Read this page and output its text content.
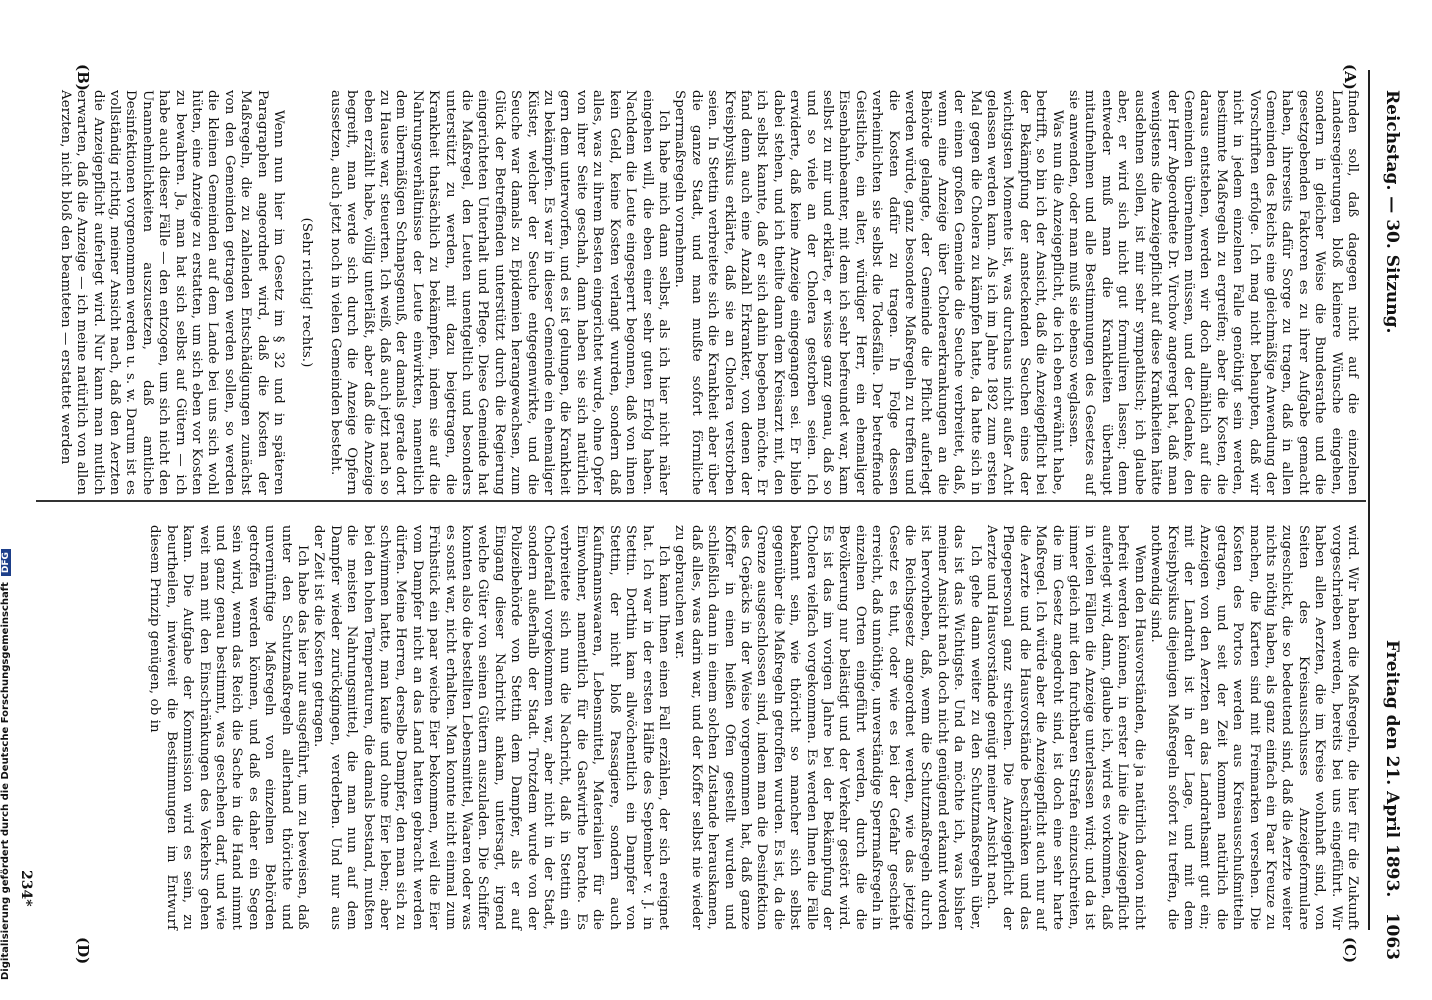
Reichstag. — 30. Sitzung.
Freitag den 21. April 1893.
1063
(A)
(B)
(C)
(D)

finden soll, daß dagegen nicht auf die einzelnen Landesregierungen bloß kleinere Wünsche eingehen, sondern in gleicher Weise die Bundesrathe und die gesetzgebenden Faktoren es zu ihrer Aufgabe gemacht haben, ihrerseits dafür Sorge zu tragen, daß in allen Gemeinden des Reichs eine gleichmäßige Anwendung der Vorschriften erfolge. Ich mag nicht behaupten, daß wir nicht in jedem einzelnen Falle genöthigt sein werden, bestimmte Maßregeln zu ergreifen; aber die Kosten, die daraus entstehen, werden wir doch allmählich auf die Gemeinden übernehmen müssen, und der Gedanke, den der Herr Abgeordnete Dr. Virchow angeregt hat, daß man wenigstens die Anzeigepflicht auf diese Krankheiten hätte ausdehnen sollen, ist mir sehr sympathisch; ich glaube aber, er wird sich nicht gut formuliren lassen; denn entweder muß man die Krankheiten überhaupt mitaufnehmen und alle Bestimmungen des Gesetzes auf sie anwenden, oder man muß sie ebenso weglassen.

Was nun die Anzeigepflicht, die ich eben erwähnt habe, betrifft, so bin ich der Ansicht, daß die Anzeigepflicht bei der Bekämpfung der ansteckenden Seuchen eines der wichtigsten Momente ist, was durchaus nicht außer Acht gelassen werden kann. Als ich im Jahre 1892 zum ersten Mal gegen die Cholera zu kämpfen hatte, da hatte sich in der einen großen Gemeinde die Seuche verbreitet, daß, wenn eine Anzeige über Choleraerkrankungen an die Behörde gelangte, der Gemeinde die Pflicht auferlegt werden würde, ganz besondere Maßregeln zu treffen und die Kosten dafür zu tragen. In Folge dessen verheimlichten sie selbst die Todesfälle. Der betreffende Geistliche, ein alter, würdiger Herr, ein ehemaliger Eisenbahnbeamter, mit dem ich sehr befreundet war, kam selbst zu mir und erklärte, er wisse ganz genau, daß so und so viele an der Cholera gestorben seien. Ich erwiderte, daß keine Anzeige eingegangen sei. Er blieb dabei stehen, und ich theilte dann dem Kreisarzt mit, den ich selbst kannte, daß er sich dahin begeben möchte. Er fand denn auch eine Anzahl Erkrankter, von denen der Kreisphysikus erklärte, daß sie an Cholera verstorben seien. In Stettin verbreitete sich die Krankheit aber über die ganze Stadt, und man mußte sofort förmliche Sperrmaßregeln vornehmen.

Ich habe mich dann selbst, als ich hier nicht näher eingehen will, die eben einer sehr guten Erfolg haben. Nachdem die Leute eingesperrt begonnen, daß von ihnen kein Geld, keine Kosten verlangt wurden, sondern daß alles, was zu ihrem Besten eingerichtet wurde, ohne Opfer von ihrer Seite geschah, dann haben sie sich natürlich gern dem unterworfen, und es ist gelungen, die Krankheit zu bekämpfen. Es war in dieser Gemeinde ein ehemaliger Küster, welcher der Seuche entgegenwirkte, und die Seuche war damals zu Epidemien herangewachsen, zum Glück der Betreffenden unterstützt durch die Regierung eingerichteten Unterhalt und Pflege. Diese Gemeinde hat die Maßregel, den Leuten unentgeltlich und besonders unterstützt zu werden, mit dazu beigetragen, die Krankheit thatsächlich zu bekämpfen, indem sie auf die Nahrungsverhältnisse der Leute einwirkten, namentlich dem übermäßigen Schnapsgenuß, der damals gerade dort zu Hause war, steuerten. Ich weiß, daß auch jetzt nach so eben erzählt habe, völlig unterläßt, aber daß die Anzeige begreift, man werde sich durch die Anzeige Opfern aussetzen, auch jetzt noch in vielen Gemeinden besteht.

(Sehr richtig! rechts.)

Wenn nun hier im Gesetz im § 32 und in späteren Paragraphen angeordnet wird, daß die Kosten der Maßregeln, die zu zahlenden Entschädigungen zunächst von den Gemeinden getragen werden sollen, so werden die kleinen Gemeinden auf dem Lande bei uns sich wohl hüten, eine Anzeige zu erstatten, um sich eben vor Kosten zu bewahren. Ja, man hat sich selbst auf Gütern — ich habe auch dieser Fälle — den entzogen, um sich nicht den Unannehmlichkeiten auszusetzen, daß amtliche Desinfektionen vorgenommen werden u. s. w. Darum ist es vollständig richtig, meiner Ansicht nach, daß den Aerzten die Anzeigepflicht auferlegt wird. Nur kann man mutlich erwarten, daß die Anzeige — ich meine natürlich von allen Aerzten, nicht bloß den beamteten — erstattet werden

wird. Wir haben die Maßregeln, die hier für die Zukunft vorgeschrieben werden, bereits bei uns eingeführt. Wir haben allen Aerzten, die im Kreise wohnhaft sind, von Seiten des Kreisausschusses Anzeigeformulare zugeschickt, die so bedeutend sind, daß die Aerzte weiter nichts nöthig haben, als ganz einfach ein Paar Kreuze zu machen, die Karten sind mit Freimarken versehen. Die Kosten des Portos werden aus Kreisausschußmitteln getragen, und seit der Zeit kommen natürlich die Anzeigen von den Aerzten an das Landrathsamt gut ein; mit der Landrath ist in der Lage, und mit dem Kreisphysikus diejenigen Maßregeln sofort zu treffen, die nothwendig sind.

Wenn den Hausvorständen, die ja natürlich davon nicht befreit werden können, in erster Linie die Anzeigepflicht auferlegt wird, dann, glaube ich, wird es vorkommen, daß in vielen Fällen die Anzeige unterlassen wird; und da ist immer gleich mit den furchtbaren Strafen einzuschreiten, die im Gesetz angedroht sind, ist doch eine sehr harte Maßregel. Ich würde aber die Anzeigepflicht auch nur auf die Aerzte und die Hausvorstände beschränken und das Pflegepersonal ganz streichen. Die Anzeigepflicht der Aerzte und Hausvorstände genügt meiner Ansicht nach.

Ich gehe dann weiter zu den Schutzmaßregeln über, das ist das Wichtigste. Und da möchte ich, was bisher meiner Ansicht nach doch nicht genügend erkannt worden ist hervorheben, daß, wenn die Schutzmaßregeln durch die Reichsgesetz angeordnet werden, wie das jetzige Gesetz es thut, oder wie es bei der Gefahr geschieht erreicht, daß unnöthige, unverständige Sperrmaßregeln in einzelnen Orten eingeführt werden, durch die die Bevölkerung nur belästigt und der Verkehr gestört wird. Es ist das im vorigen Jahre bei der Bekämpfung der Cholera vielfach vorgekommen. Es werden Ihnen die Fälle bekannt sein, wie thöricht so mancher sich selbst gegenüber die Maßregeln getroffen wurden. Es ist, da die Grenze ausgeschlossen sind, indem man die Desinfektion des Gepäcks in der Weise vorgenommen hat, daß ganze Koffer in einen heißen Ofen gestellt wurden und schließlich dann in einem solchen Zustande herauskamen, daß alles, was darin war, und der Koffer selbst nie wieder zu gebrauchen war.

Ich kann Ihnen einen Fall erzählen, der sich ereignet hat. Ich war in der ersten Hälfte des September v. J. in Stettin. Dorthin kam allwöchentlich ein Dampfer von Stettin, der nicht bloß Passagiere, sondern auch Kaufmannswaaren, Lebensmittel, Materialien für die Einwohner, namentlich für die Gastwirthe brachte. Es verbreitete sich nun die Nachricht, daß in Stettin ein Cholerafall vorgekommen war, aber nicht in der Stadt, sondern außerhalb der Stadt. Trotzdem wurde von der Polizeibehörde von Stettin dem Dampfer, als er auf Eingang dieser Nachricht ankam, untersagt, irgend welche Güter von seinen Gütern auszuladen. Die Schiffer konnten also die bestellten Lebensmittel, Waaren oder was es sonst war, nicht erhalten. Man konnte nicht einmal zum Frühstück ein paar weiche Eier bekommen, weil die Eier vom Dampfer nicht an das Land hatten gebracht werden dürfen. Meine Herren, derselbe Dampfer, den man sich zu schwimmen hatte, man kaufe und ohne Eier leben; aber bei den hohen Temperaturen, die damals bestand, mußten die meisten Nahrungsmittel, die man nun auf dem Dampfer wieder zurückgingen, verderben. Und nur aus der Zeit ist die Kosten getragen.

Ich habe das hier nur ausgeführt, um zu beweisen, daß unter den Schutzmaßregeln allerhand thörichte und unvernünftige Maßregeln von einzelnen Behörden getroffen werden können, und daß es daher ein Segen sein wird, wenn das Reich die Sache in die Hand nimmt und ganz genau bestimmt, was geschehen darf, und wie weit man mit den Einschränkungen des Verkehrs gehen kann. Die Aufgabe der Kommission wird es sein, zu beurtheilen, inwieweit die Bestimmungen im Entwurf diesem Prinzip genügen, ob in

234*
Digitalisierung gefördert durch die Deutsche ForschungsgemeinschaftDFG
